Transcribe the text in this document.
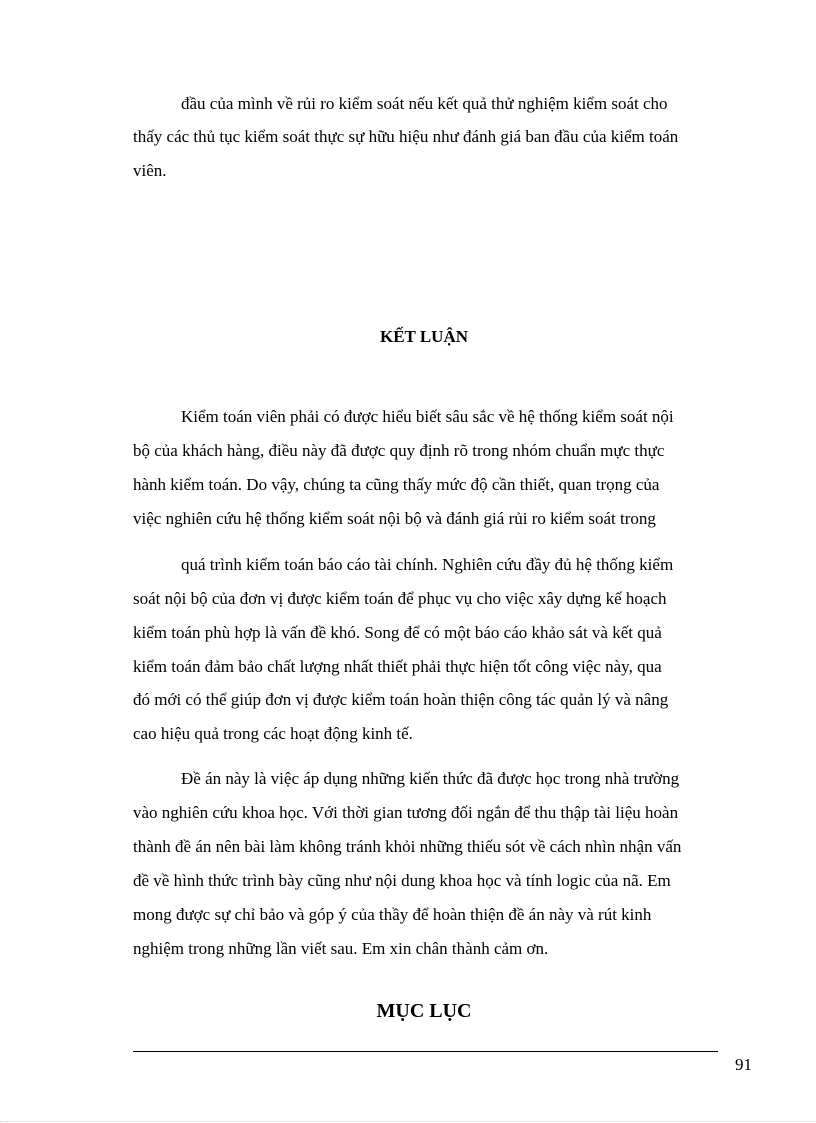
đầu của mình về rủi ro kiểm soát nếu kết quả thử nghiệm kiểm soát cho
thấy các thủ tục kiểm soát thực sự hữu hiệu như đánh giá ban đầu của kiểm toán
viên.
KẾT LUẬN
Kiểm toán viên phải có được hiểu biết sâu sắc về hệ thống kiểm soát nội
bộ của khách hàng, điều này đã được quy định rõ trong nhóm chuẩn mực thực
hành kiểm toán. Do vậy, chúng ta cũng thấy mức độ cần thiết, quan trọng của
việc nghiên cứu hệ thống kiểm soát nội bộ và đánh giá rủi ro kiểm soát trong
quá trình kiểm toán báo cáo tài chính. Nghiên cứu đầy đủ hệ thống kiểm
soát nội bộ của đơn vị được kiểm toán để phục vụ cho việc xây dựng kế hoạch
kiểm toán phù hợp là vấn đề khó. Song để có một báo cáo khảo sát và kết quả
kiểm toán đảm bảo chất lượng nhất thiết phải thực hiện tốt công việc này, qua
đó mới có thể giúp đơn vị được kiểm toán hoàn thiện công tác quản lý và nâng
cao hiệu quả trong các hoạt động kinh tế.
Đề án này là việc áp dụng những kiến thức đã được học trong nhà trường
vào nghiên cứu khoa học. Với thời gian tương đối ngắn để thu thập tài liệu hoàn
thành đề án nên bài làm không tránh khỏi những thiếu sót về cách nhìn nhận vấn
đề về hình thức trình bày cũng như nội dung khoa học và tính logic của nã. Em
mong được sự chỉ bảo và góp ý của thầy để hoàn thiện đề án này và rút kinh
nghiệm trong những lần viết sau. Em xin chân thành cảm ơn.
MỤC LỤC
91
